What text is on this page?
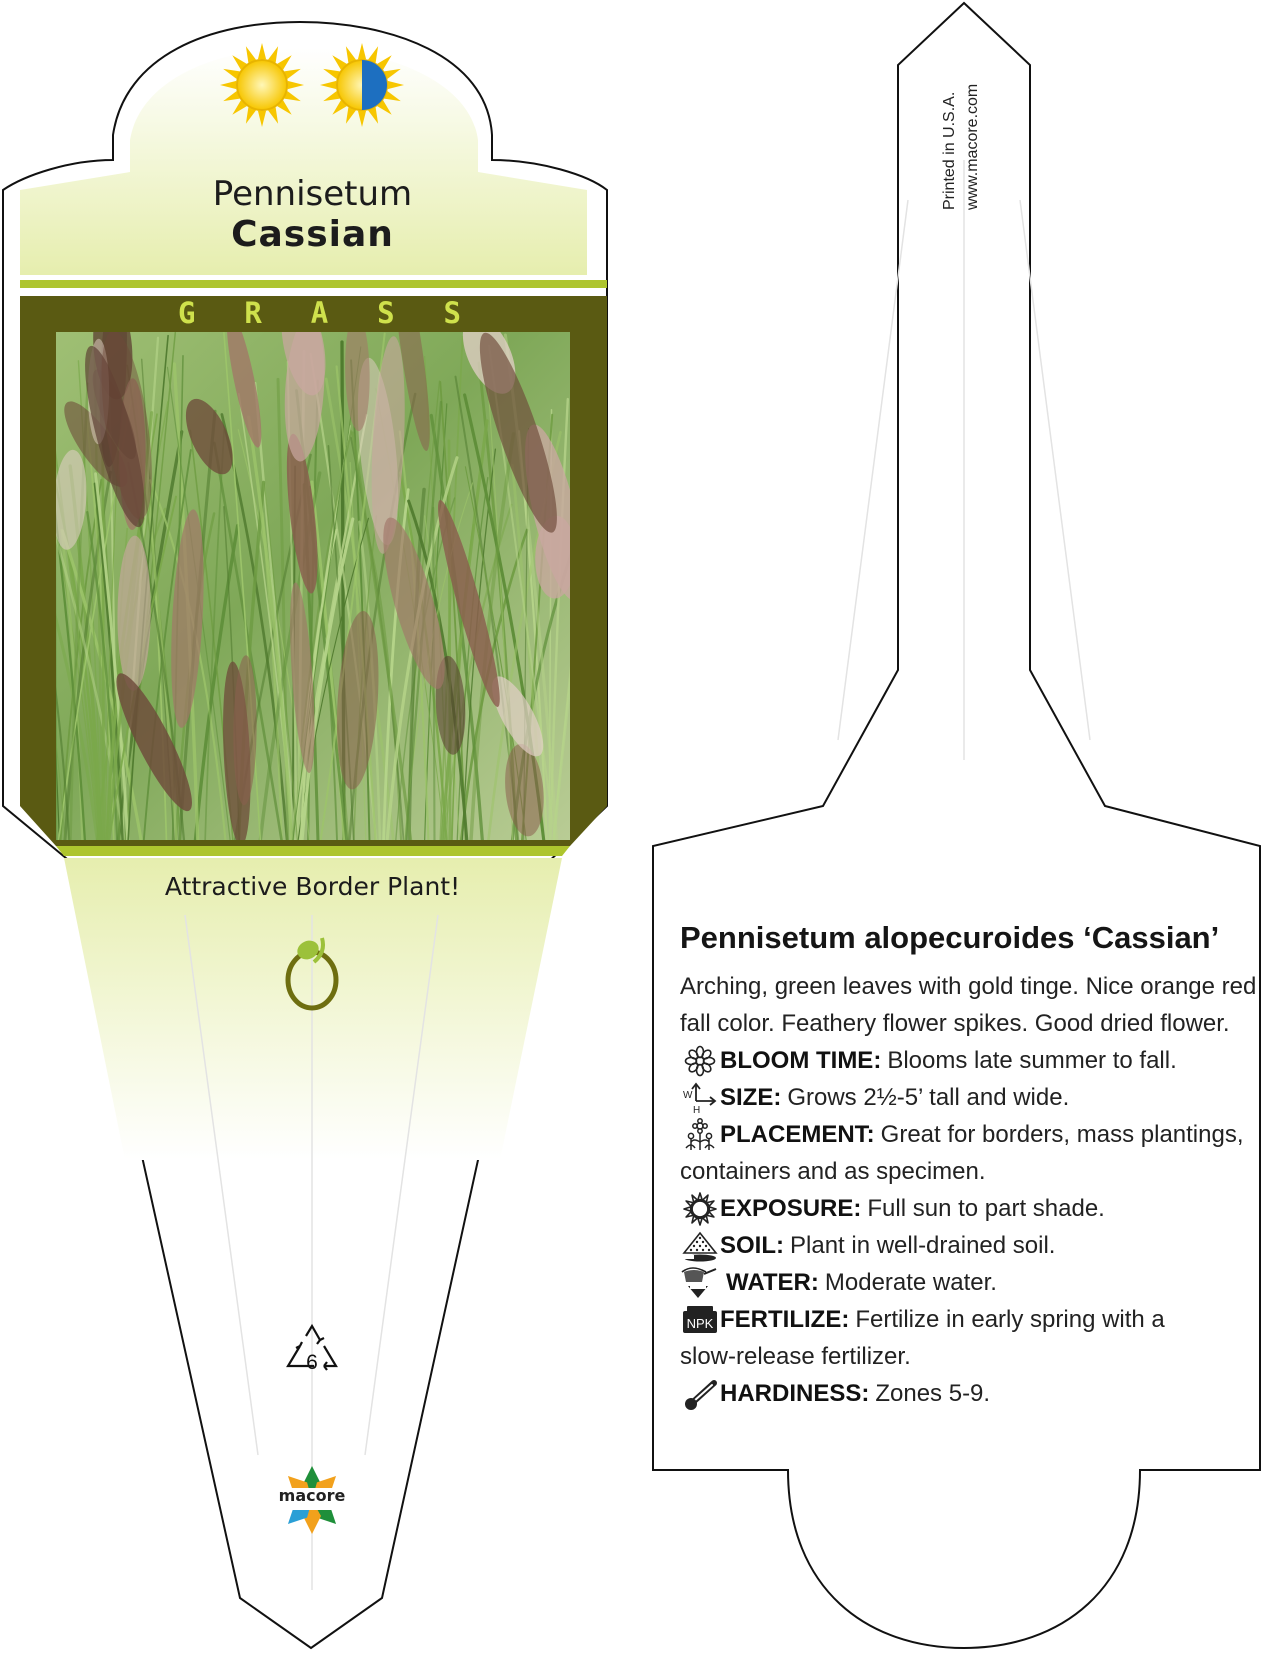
Pennisetum
Cassian
G R A S S
Attractive Border Plant!
6
macore
Printed in U.S.A. www.macore.com
Pennisetum alopecuroides ‘Cassian’

Arching, green leaves with gold tinge. Nice orange red fall color. Feathery flower spikes. Good dried flower.

BLOOM TIME: Blooms late summer to fall.
W
H SIZE: Grows 2½-5’ tall and wide.
PLACEMENT: Great for borders, mass plantings,
containers and as specimen.
EXPOSURE: Full sun to part shade.
SOIL: Plant in well-drained soil.
WATER: Moderate water.
NPK FERTILIZE: Fertilize in early spring with a
slow-release fertilizer.
HARDINESS: Zones 5-9.
